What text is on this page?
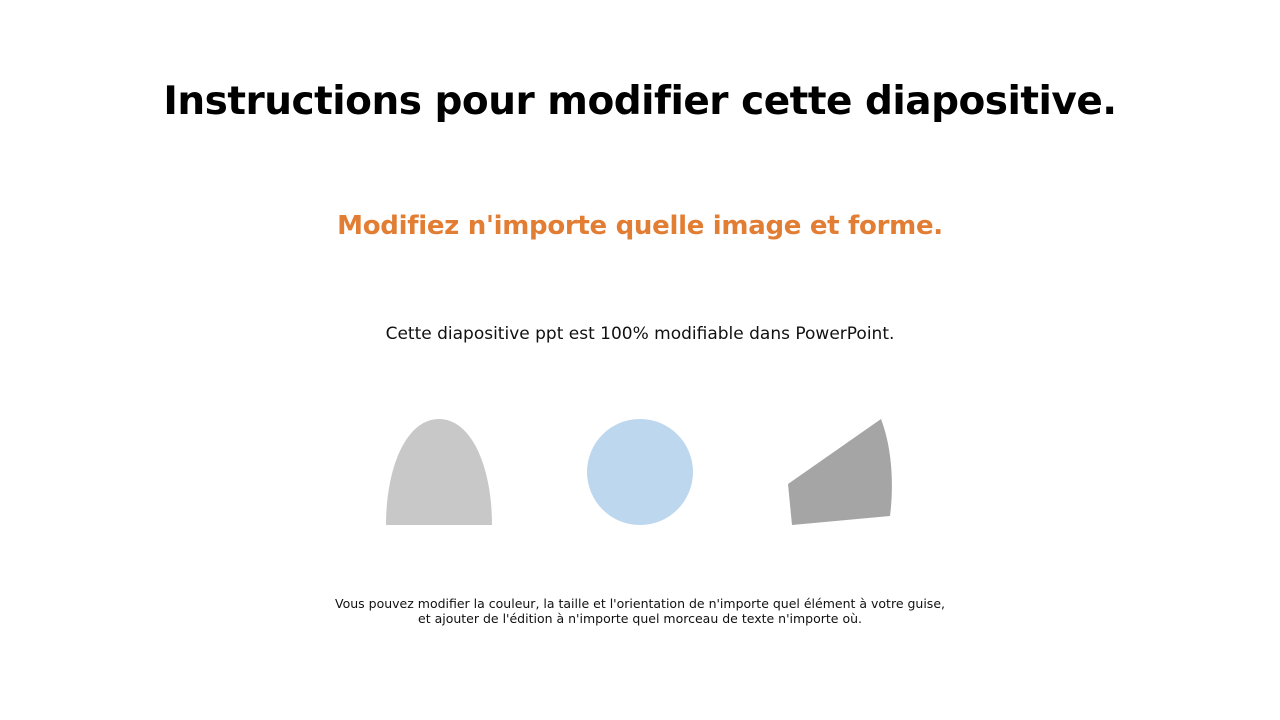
Instructions pour modifier cette diapositive.
Modifiez n'importe quelle image et forme.
Cette diapositive ppt est 100% modifiable dans PowerPoint.
Vous pouvez modifier la couleur, la taille et l'orientation de n'importe quel élément à votre guise,
et ajouter de l'édition à n'importe quel morceau de texte n'importe où.
